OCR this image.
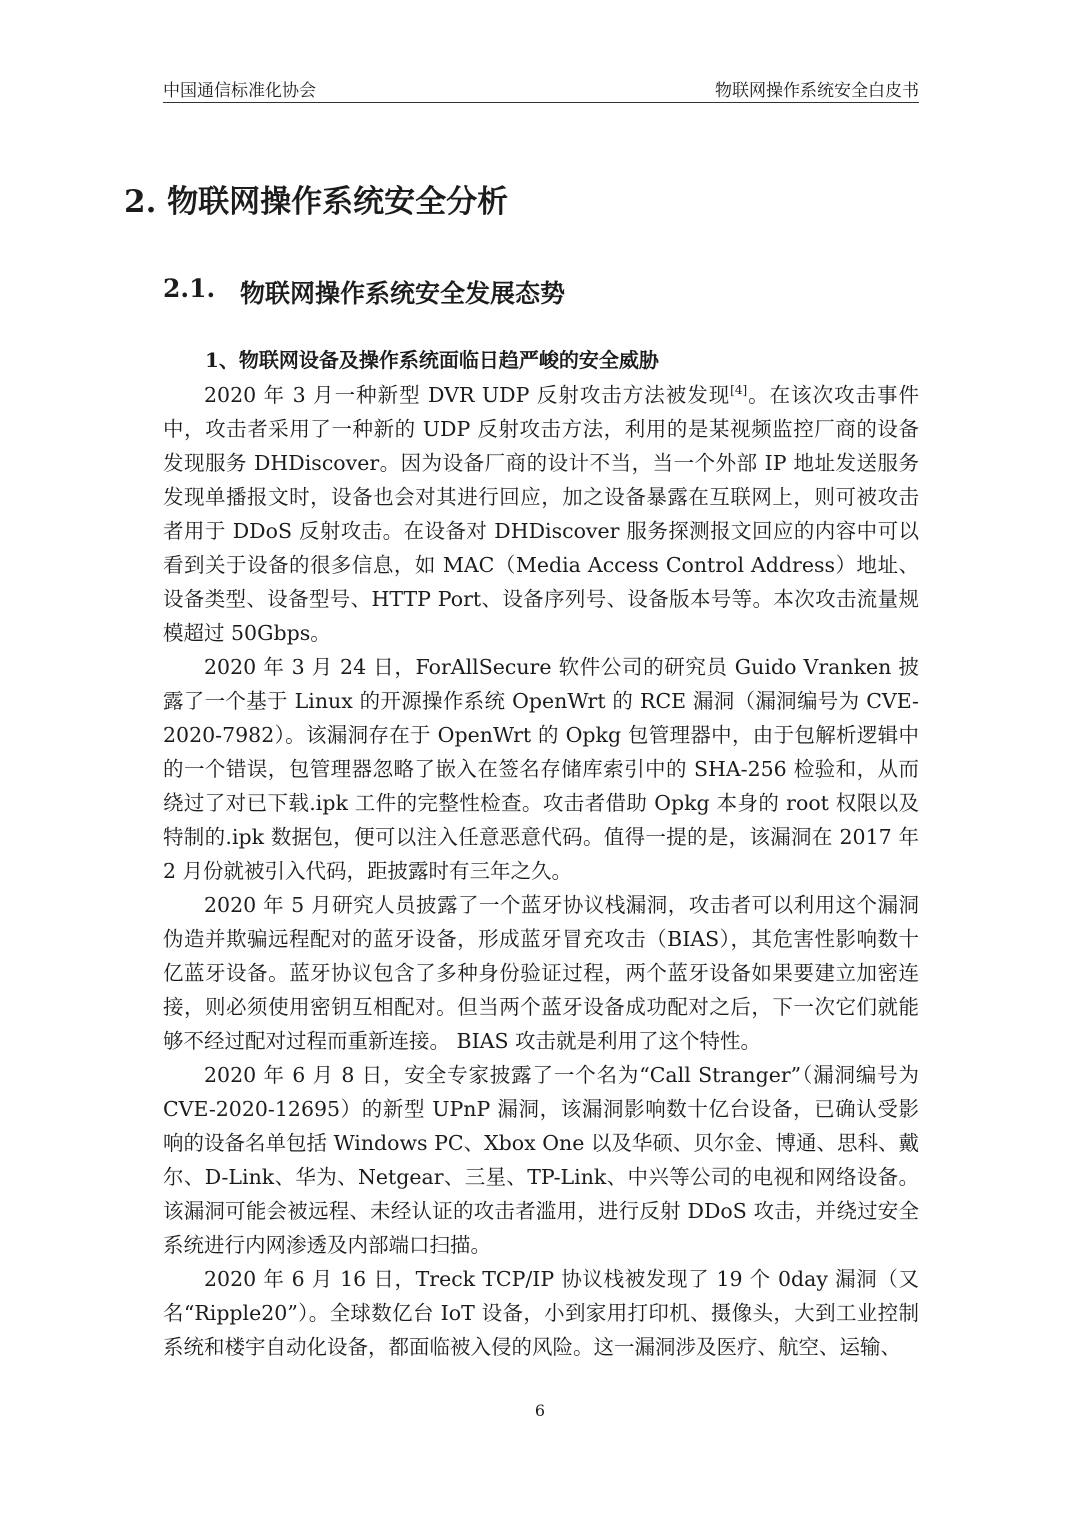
中国通信标准化协会	物联网操作系统安全白皮书
2. 物联网操作系统安全分析
2.1. 物联网操作系统安全发展态势
1、物联网设备及操作系统面临日趋严峻的安全威胁

2020 年 3 月一种新型 DVR UDP 反射攻击方法被发现[4]。在该次攻击事件中，攻击者采用了一种新的 UDP 反射攻击方法，利用的是某视频监控厂商的设备发现服务 DHDiscover。因为设备厂商的设计不当，当一个外部 IP 地址发送服务发现单播报文时，设备也会对其进行回应，加之设备暴露在互联网上，则可被攻击者用于 DDoS 反射攻击。在设备对 DHDiscover 服务探测报文回应的内容中可以看到关于设备的很多信息，如 MAC（Media Access Control Address）地址、设备类型、设备型号、HTTP Port、设备序列号、设备版本号等。本次攻击流量规模超过 50Gbps。

2020 年 3 月 24 日，ForAllSecure 软件公司的研究员 Guido Vranken 披露了一个基于 Linux 的开源操作系统 OpenWrt 的 RCE 漏洞（漏洞编号为 CVE-2020-7982）。该漏洞存在于 OpenWrt 的 Opkg 包管理器中，由于包解析逻辑中的一个错误，包管理器忽略了嵌入在签名存储库索引中的 SHA-256 检验和，从而绕过了对已下载.ipk 工件的完整性检查。攻击者借助 Opkg 本身的 root 权限以及特制的.ipk 数据包，便可以注入任意恶意代码。值得一提的是，该漏洞在 2017 年 2 月份就被引入代码，距披露时有三年之久。

2020 年 5 月研究人员披露了一个蓝牙协议栈漏洞，攻击者可以利用这个漏洞伪造并欺骗远程配对的蓝牙设备，形成蓝牙冒充攻击（BIAS），其危害性影响数十亿蓝牙设备。蓝牙协议包含了多种身份验证过程，两个蓝牙设备如果要建立加密连接，则必须使用密钥互相配对。但当两个蓝牙设备成功配对之后，下一次它们就能够不经过配对过程而重新连接。 BIAS 攻击就是利用了这个特性。

2020 年 6 月 8 日，安全专家披露了一个名为“Call Stranger”（漏洞编号为 CVE-2020-12695）的新型 UPnP 漏洞，该漏洞影响数十亿台设备，已确认受影响的设备名单包括 Windows PC、Xbox One 以及华硕、贝尔金、博通、思科、戴尔、D-Link、华为、Netgear、三星、TP-Link、中兴等公司的电视和网络设备。该漏洞可能会被远程、未经认证的攻击者滥用，进行反射 DDoS 攻击，并绕过安全系统进行内网渗透及内部端口扫描。

2020 年 6 月 16 日，Treck TCP/IP 协议栈被发现了 19 个 0day 漏洞（又名“Ripple20”）。全球数亿台 IoT 设备，小到家用打印机、摄像头，大到工业控制系统和楼宇自动化设备，都面临被入侵的风险。这一漏洞涉及医疗、航空、运输、

6
